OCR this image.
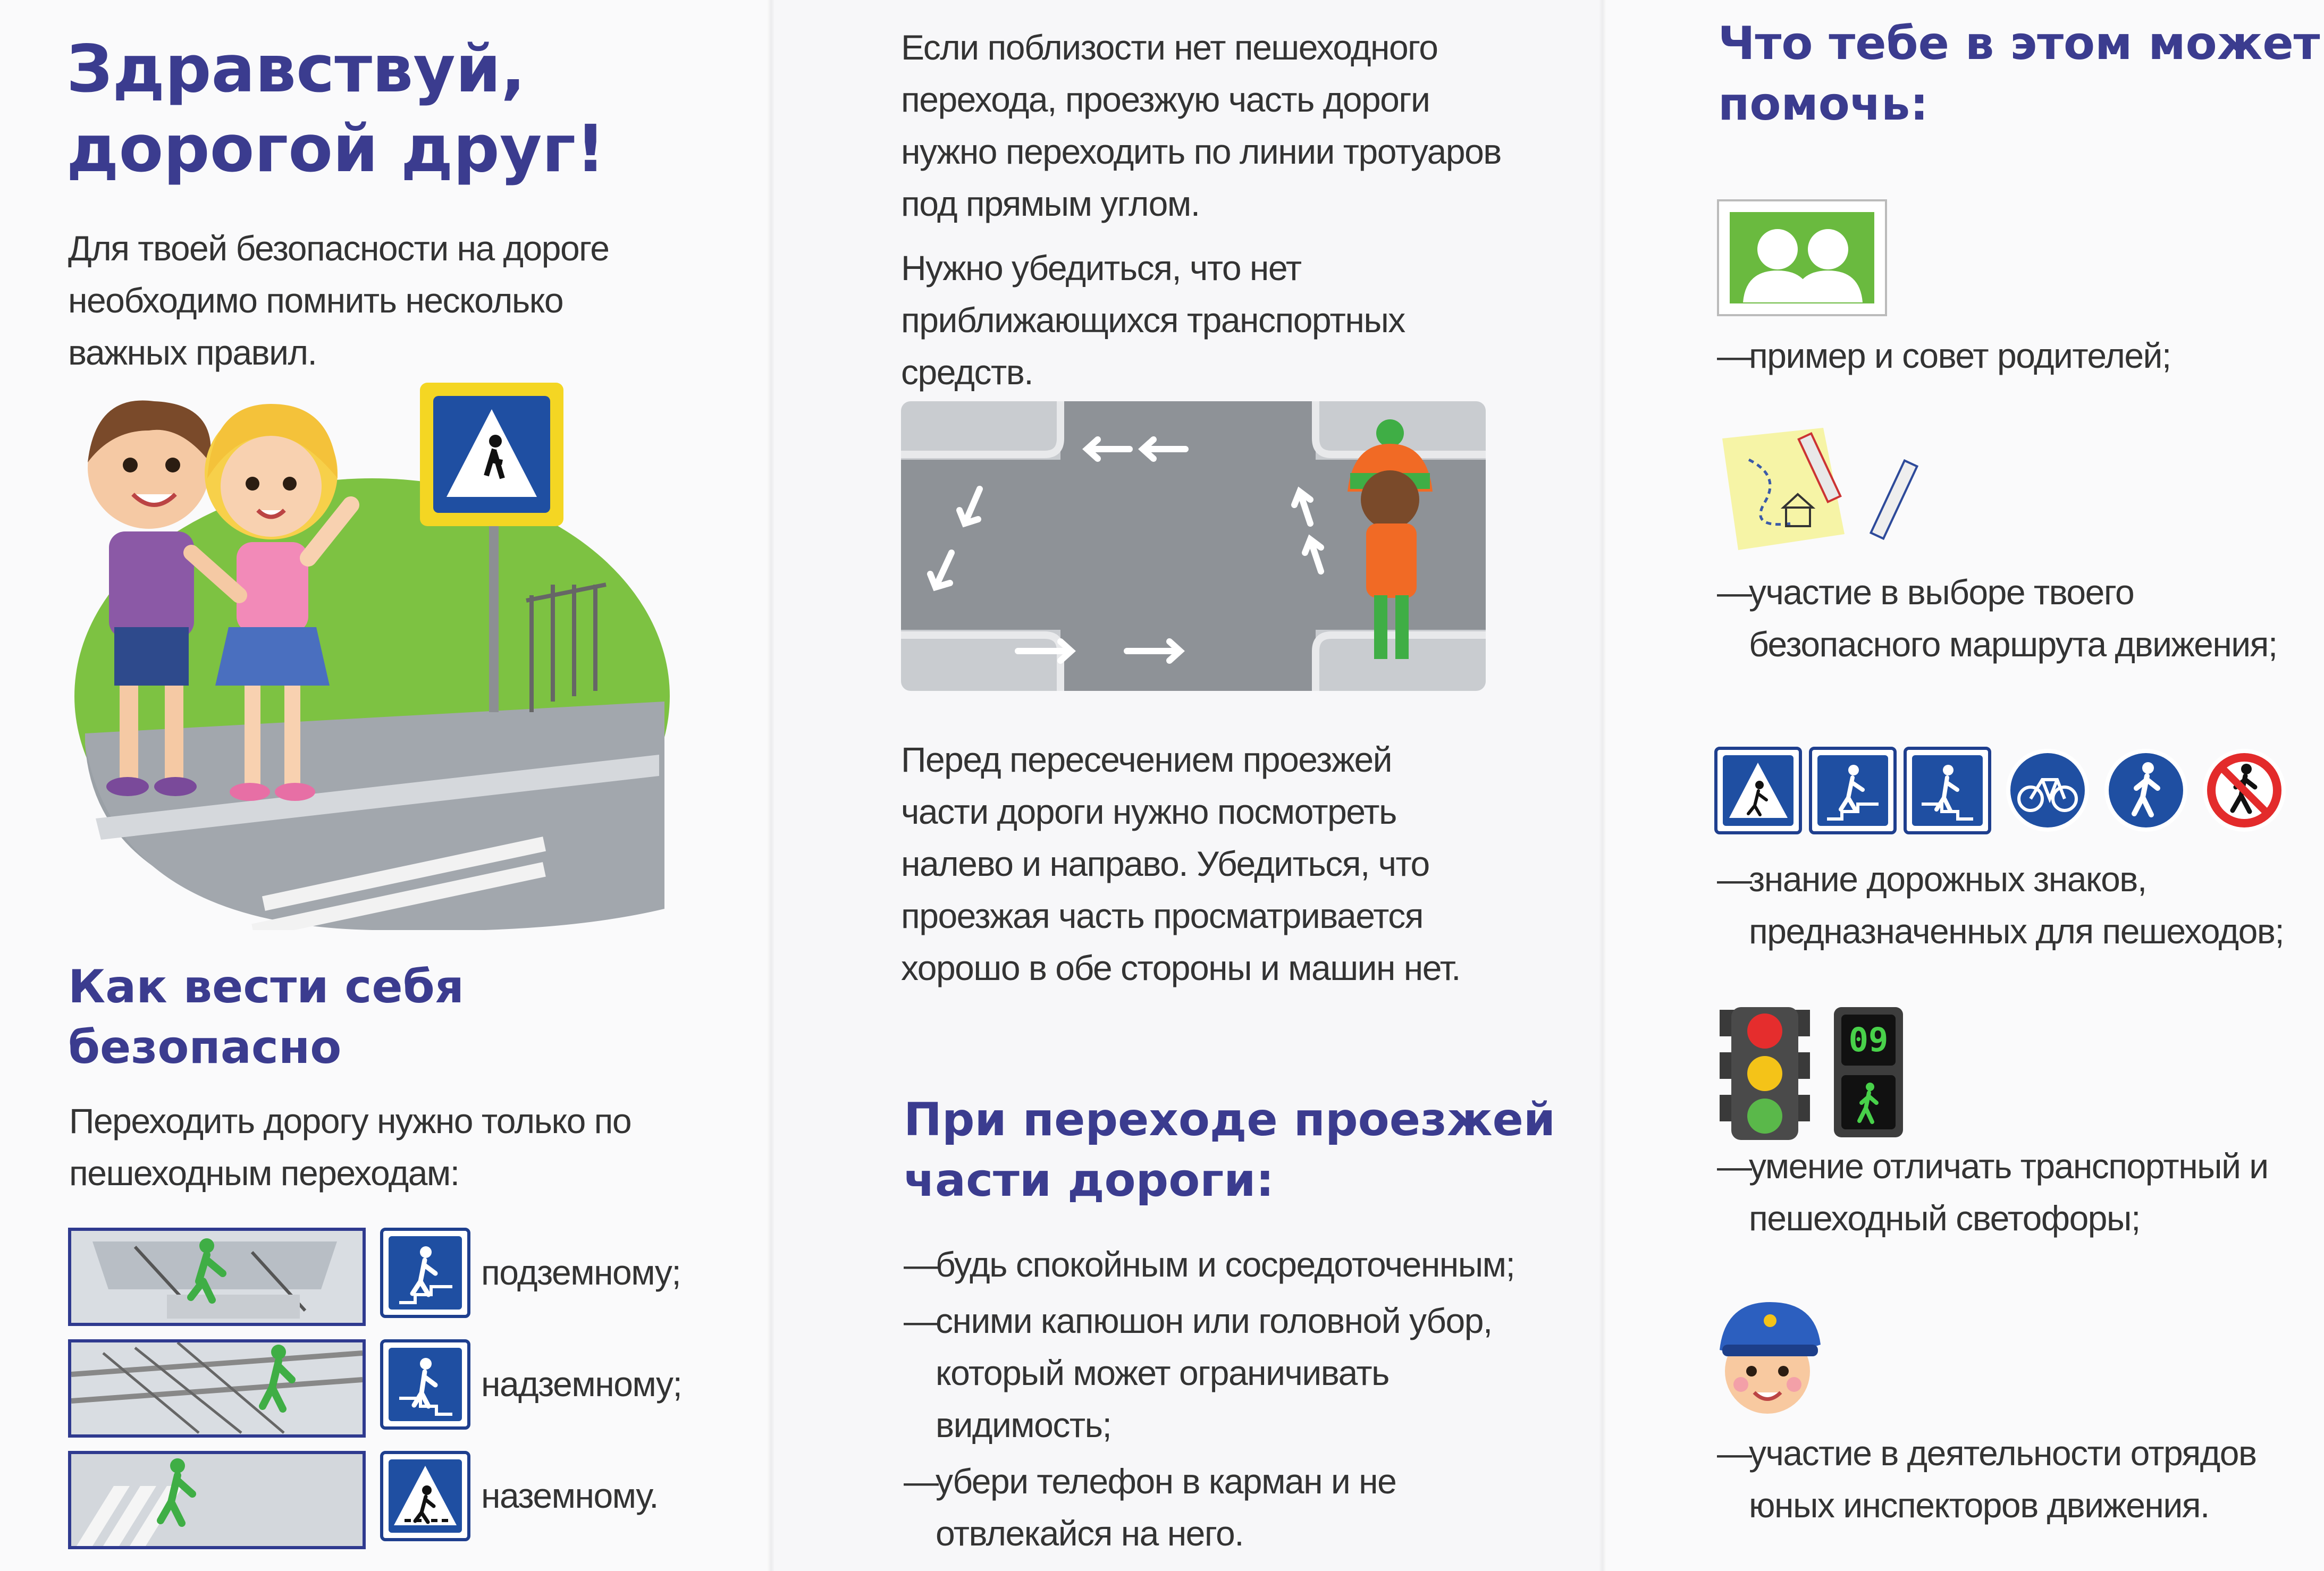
Здравствуй,
дорогой друг!
Для твоей безопасности на дороге необходимо помнить несколько важных правил.
Как вести себя
безопасно
Переходить дорогу нужно только по пешеходным переходам:
подземному;
надземному;
наземному.
Если поблизости нет пешеходного перехода, проезжую часть дороги нужно переходить по линии тротуаров под прямым углом.
Нужно убедиться, что нет приближающихся транспортных средств.
Перед пересечением проезжей части дороги нужно посмотреть налево и направо. Убедиться, что проезжая часть просматривается хорошо в обе стороны и машин нет.
При переходе проезжей
части дороги:
— будь спокойным и сосредоточенным;
— сними капюшон или головной убор, который может ограничивать видимость;
— убери телефон в карман и не отвлекайся на него.
Что тебе в этом может
помочь:
— пример и совет родителей;
— участие в выборе твоего безопасного маршрута движения;
— знание дорожных знаков, предназначенных для пешеходов;
09
— умение отличать транспортный и пешеходный светофоры;
— участие в деятельности отрядов юных инспекторов движения.
